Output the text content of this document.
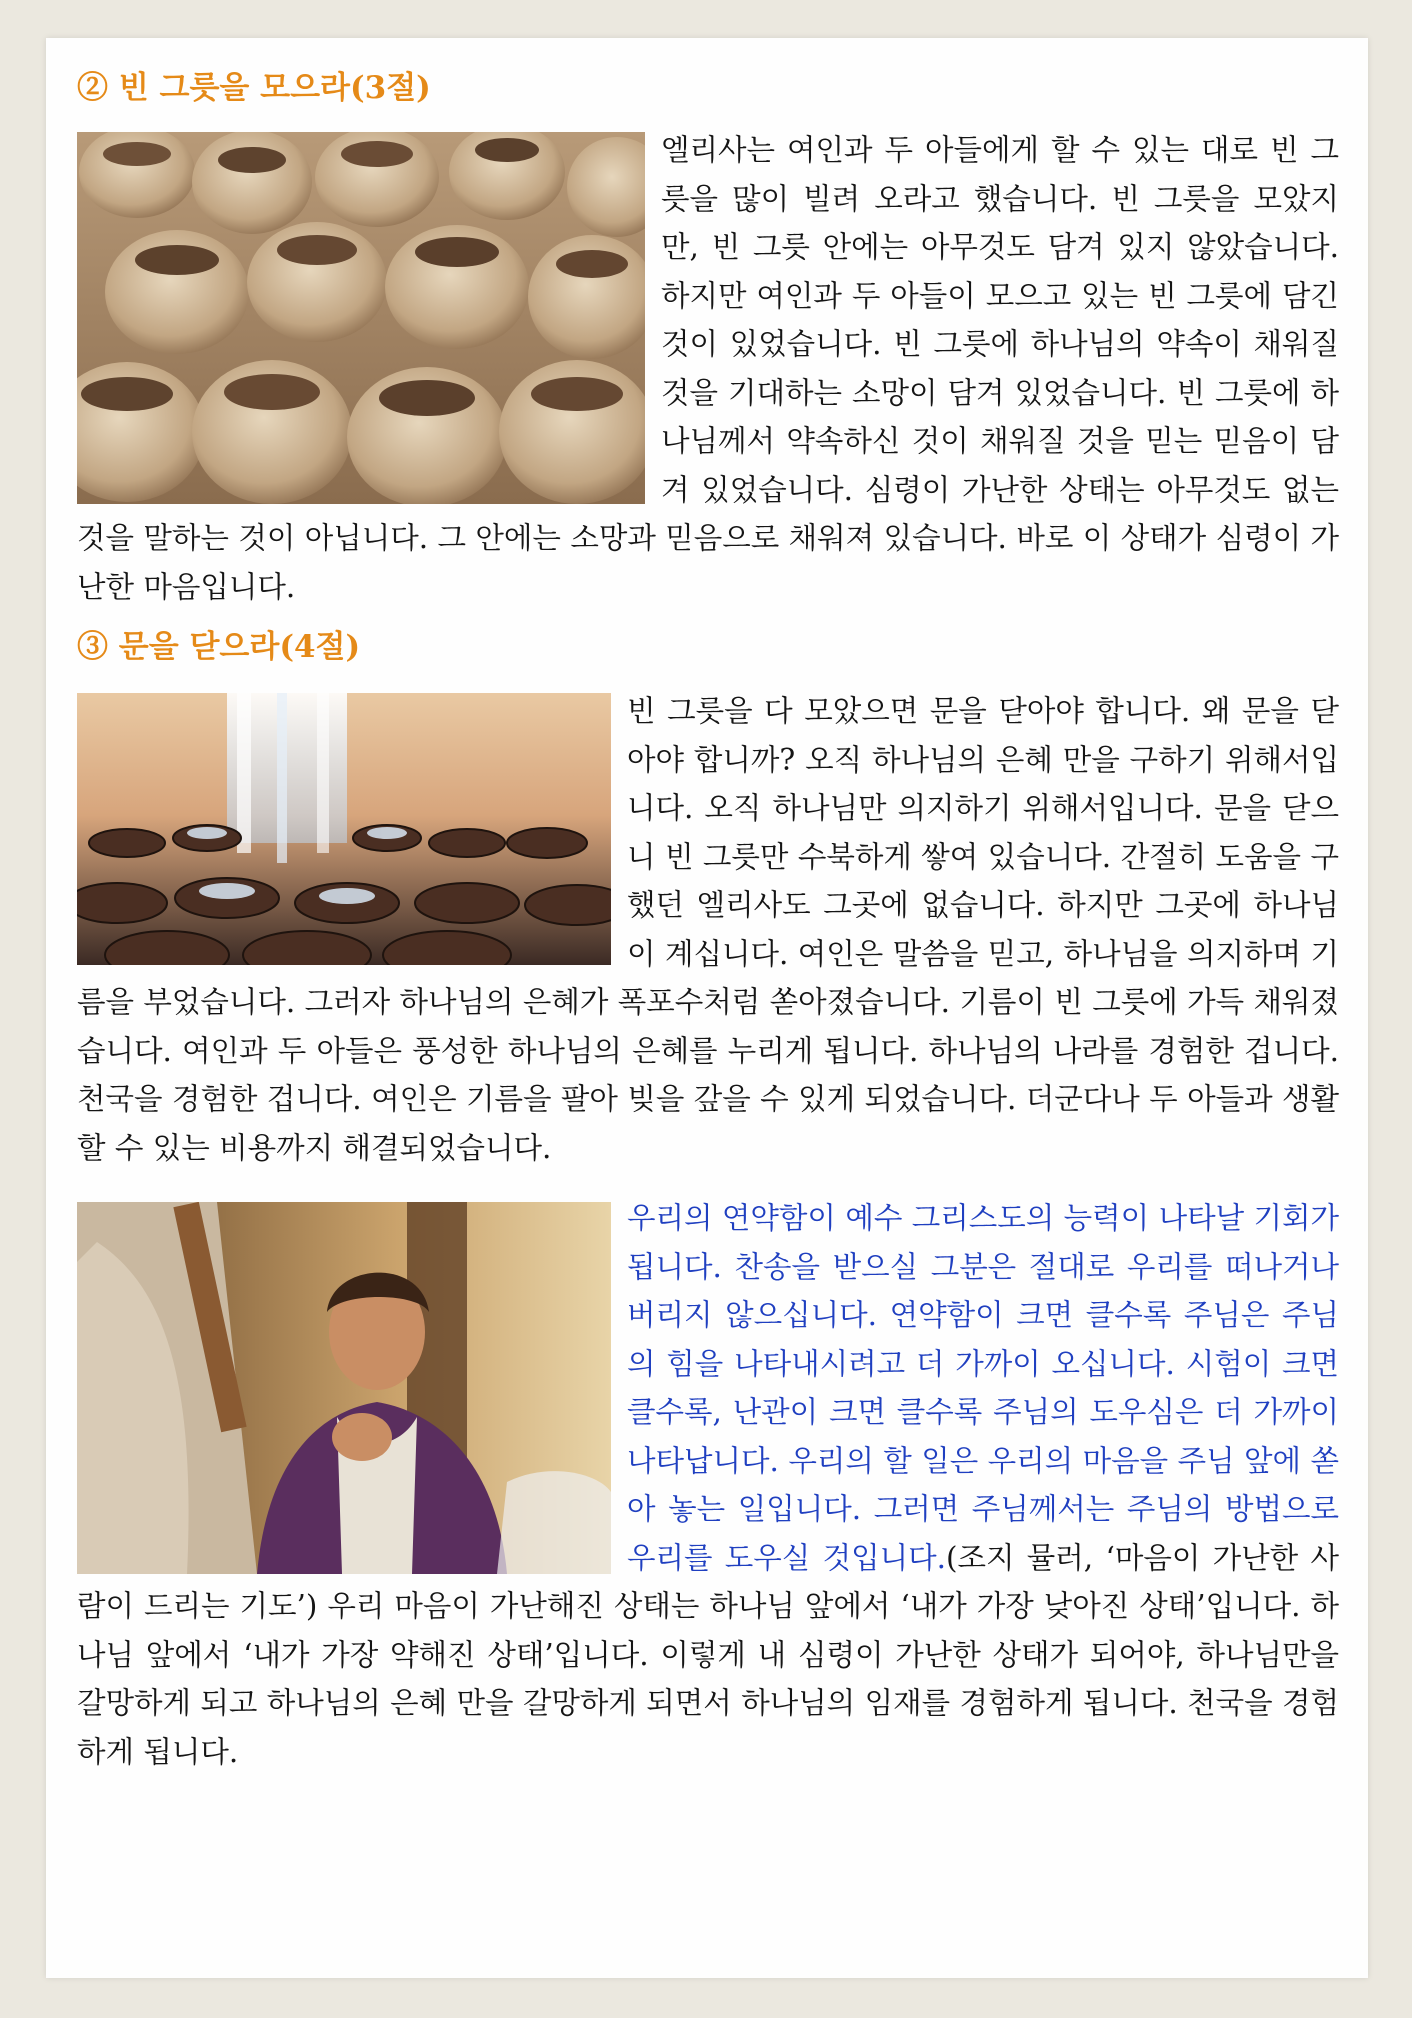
② 빈 그릇을 모으라(3절)

엘리사는 여인과 두 아들에게 할 수 있는 대로 빈 그릇을 많이 빌려 오라고 했습니다. 빈 그릇을 모았지만, 빈 그릇 안에는 아무것도 담겨 있지 않았습니다. 하지만 여인과 두 아들이 모으고 있는 빈 그릇에 담긴 것이 있었습니다. 빈 그릇에 하나님의 약속이 채워질 것을 기대하는 소망이 담겨 있었습니다. 빈 그릇에 하나님께서 약속하신 것이 채워질 것을 믿는 믿음이 담겨 있었습니다. 심령이 가난한 상태는 아무것도 없는 것을 말하는 것이 아닙니다. 그 안에는 소망과 믿음으로 채워져 있습니다. 바로 이 상태가 심령이 가난한 마음입니다.

③ 문을 닫으라(4절)

빈 그릇을 다 모았으면 문을 닫아야 합니다. 왜 문을 닫아야 합니까? 오직 하나님의 은혜 만을 구하기 위해서입니다. 오직 하나님만 의지하기 위해서입니다. 문을 닫으니 빈 그릇만 수북하게 쌓여 있습니다. 간절히 도움을 구했던 엘리사도 그곳에 없습니다. 하지만 그곳에 하나님이 계십니다. 여인은 말씀을 믿고, 하나님을 의지하며 기름을 부었습니다. 그러자 하나님의 은혜가 폭포수처럼 쏟아졌습니다. 기름이 빈 그릇에 가득 채워졌습니다. 여인과 두 아들은 풍성한 하나님의 은혜를 누리게 됩니다. 하나님의 나라를 경험한 겁니다. 천국을 경험한 겁니다. 여인은 기름을 팔아 빚을 갚을 수 있게 되었습니다. 더군다나 두 아들과 생활할 수 있는 비용까지 해결되었습니다.

우리의 연약함이 예수 그리스도의 능력이 나타날 기회가 됩니다. 찬송을 받으실 그분은 절대로 우리를 떠나거나 버리지 않으십니다. 연약함이 크면 클수록 주님은 주님의 힘을 나타내시려고 더 가까이 오십니다. 시험이 크면 클수록, 난관이 크면 클수록 주님의 도우심은 더 가까이 나타납니다. 우리의 할 일은 우리의 마음을 주님 앞에 쏟아 놓는 일입니다. 그러면 주님께서는 주님의 방법으로 우리를 도우실 것입니다.(조지 뮬러, ‘마음이 가난한 사람이 드리는 기도’) 우리 마음이 가난해진 상태는 하나님 앞에서 ‘내가 가장 낮아진 상태’입니다. 하나님 앞에서 ‘내가 가장 약해진 상태’입니다. 이렇게 내 심령이 가난한 상태가 되어야, 하나님만을 갈망하게 되고 하나님의 은혜 만을 갈망하게 되면서 하나님의 임재를 경험하게 됩니다. 천국을 경험하게 됩니다.
